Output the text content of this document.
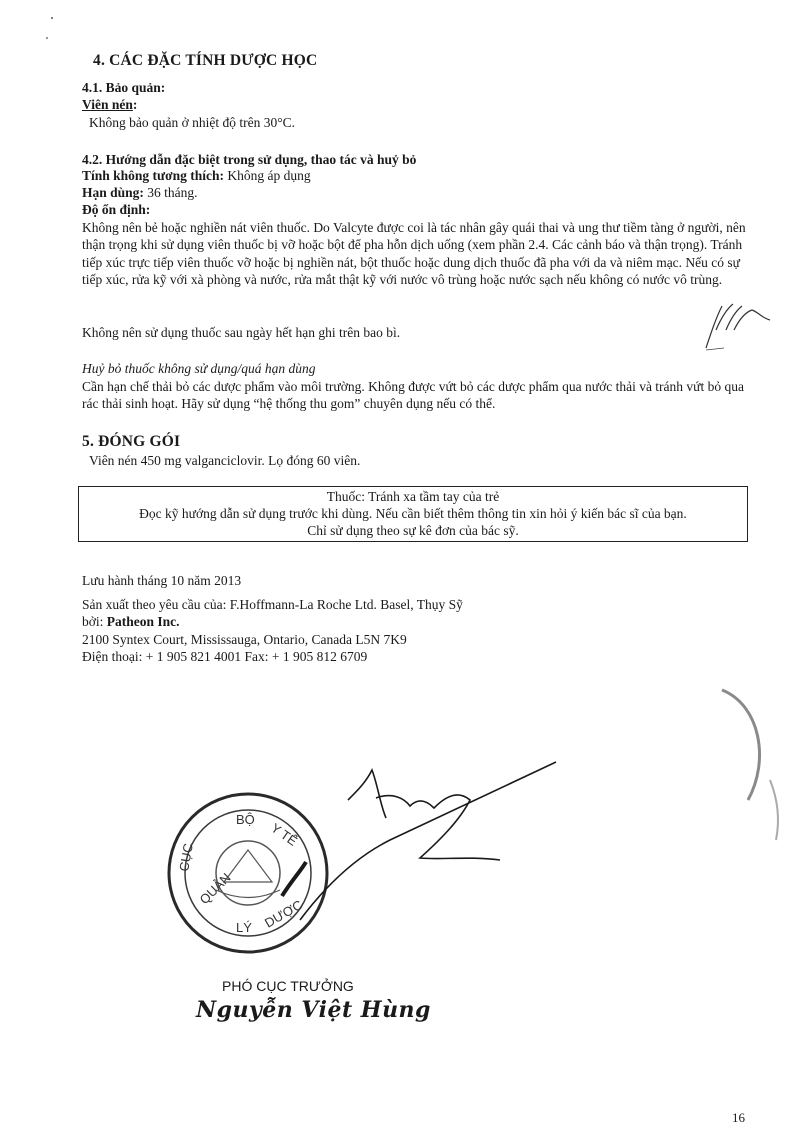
4. CÁC ĐẶC TÍNH DƯỢC HỌC
4.1. Bảo quản:
Viên nén:
Không bảo quản ở nhiệt độ trên 30°C.
4.2. Hướng dẫn đặc biệt trong sử dụng, thao tác và huỷ bỏ
Tính không tương thích: Không áp dụng
Hạn dùng: 36 tháng.
Độ ổn định:
Không nên bẻ hoặc nghiền nát viên thuốc. Do Valcyte được coi là tác nhân gây quái thai và ung thư tiềm tàng ở người, nên thận trọng khi sử dụng viên thuốc bị vỡ hoặc bột để pha hỗn dịch uống (xem phần 2.4. Các cảnh báo và thận trọng). Tránh tiếp xúc trực tiếp viên thuốc vỡ hoặc bị nghiền nát, bột thuốc hoặc dung dịch thuốc đã pha với da và niêm mạc. Nếu có sự tiếp xúc, rửa kỹ với xà phòng và nước, rửa mắt thật kỹ với nước vô trùng hoặc nước sạch nếu không có nước vô trùng.
Không nên sử dụng thuốc sau ngày hết hạn ghi trên bao bì.
Huỷ bỏ thuốc không sử dụng/quá hạn dùng
Cần hạn chế thải bỏ các dược phẩm vào môi trường. Không được vứt bỏ các dược phẩm qua nước thải và tránh vứt bỏ qua rác thải sinh hoạt. Hãy sử dụng “hệ thống thu gom” chuyên dụng nếu có thể.
5. ĐÓNG GÓI
Viên nén 450 mg valganciclovir. Lọ đóng 60 viên.
Thuốc: Tránh xa tầm tay của trẻ
Đọc kỹ hướng dẫn sử dụng trước khi dùng. Nếu cần biết thêm thông tin xin hỏi ý kiến bác sĩ của bạn.
Chỉ sử dụng theo sự kê đơn của bác sỹ.
Lưu hành tháng 10 năm 2013
Sản xuất theo yêu cầu của: F.Hoffmann-La Roche Ltd. Basel, Thụy Sỹ
bởi: Patheon Inc.
2100 Syntex Court, Mississauga, Ontario, Canada L5N 7K9
Điện thoại: + 1 905 821 4001 Fax: + 1 905 812 6709
BỘ
Y TẾ
CỤC
QUẢN
LÝ DƯỢC
PHÓ CỤC TRƯỞNG
Nguyễn Việt Hùng
16
